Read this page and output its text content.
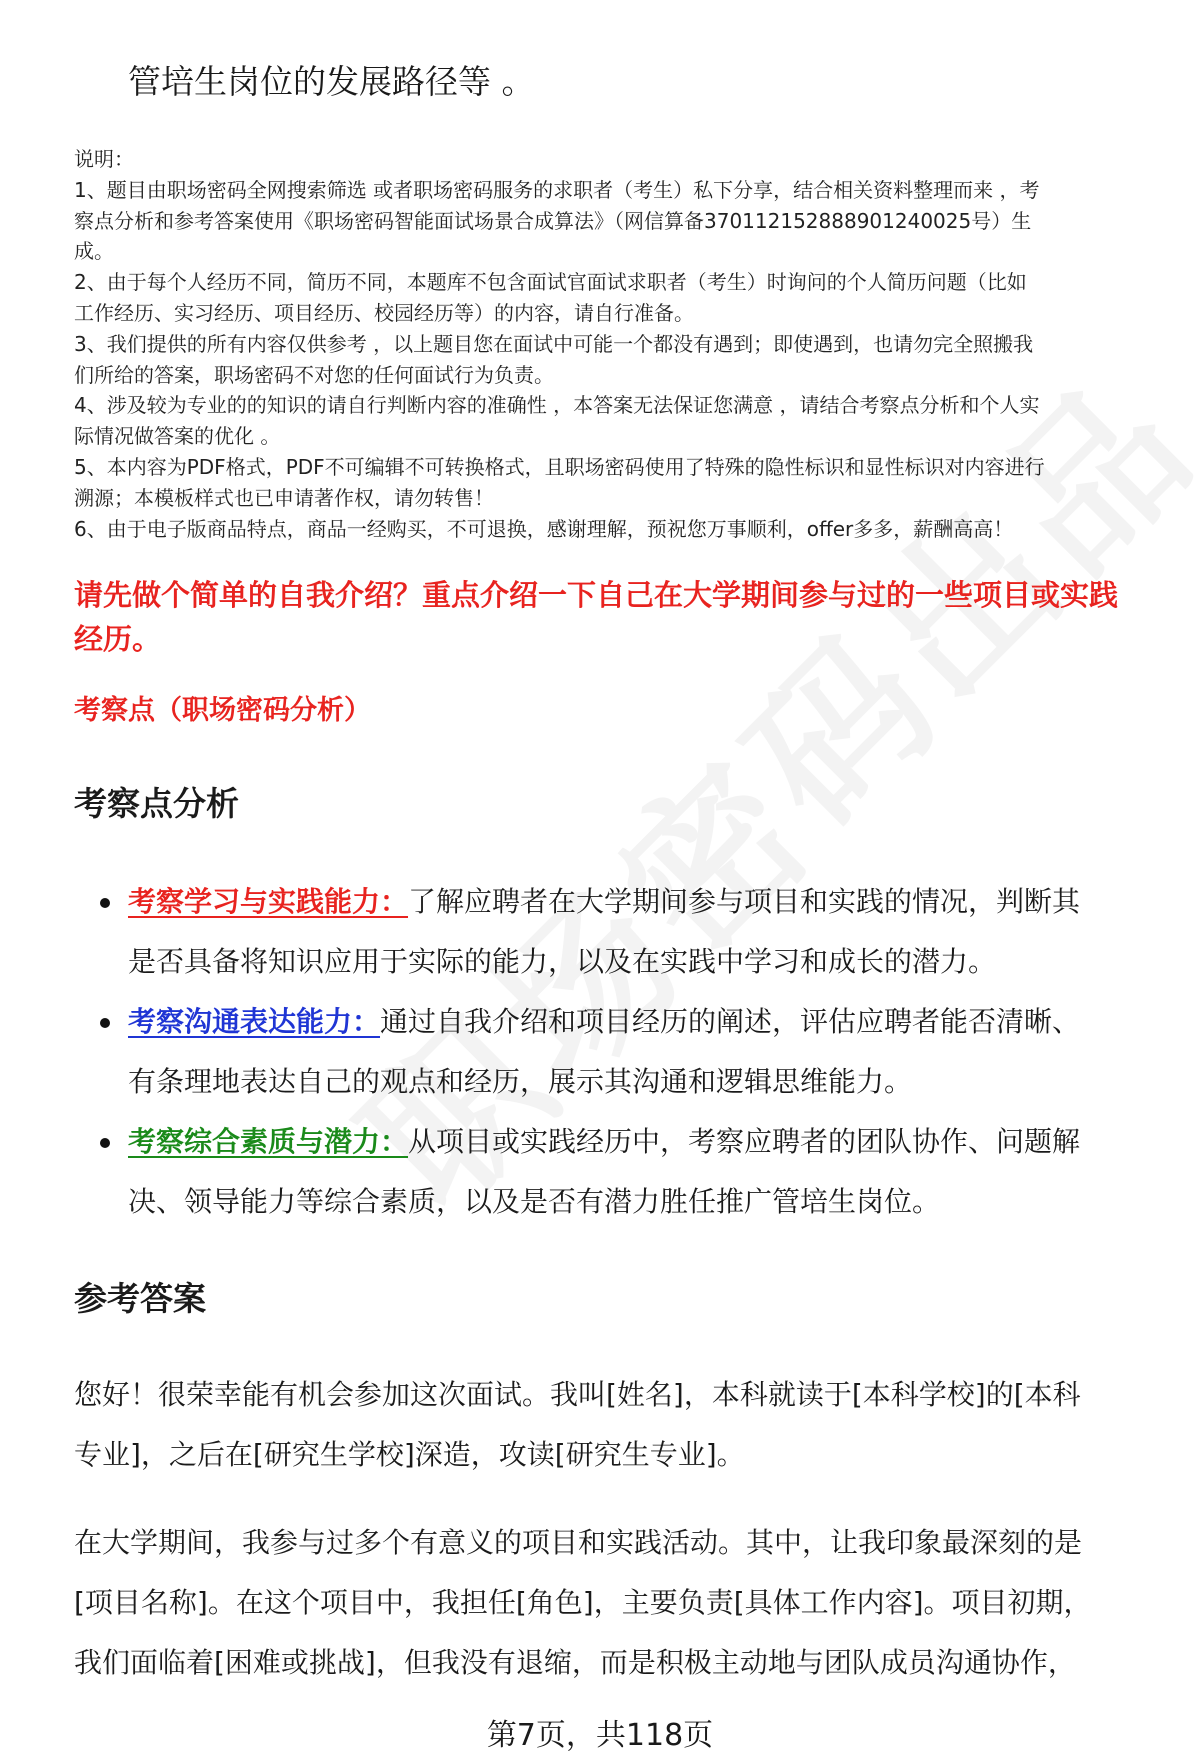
管培生岗位的发展路径等 。
说明：
1、题目由职场密码全网搜索筛选 或者职场密码服务的求职者（考生）私下分享，结合相关资料整理而来 ，考
察点分析和参考答案使用《职场密码智能面试场景合成算法》（网信算备370112152888901240025号）生
成。
2、由于每个人经历不同，简历不同，本题库不包含面试官面试求职者（考生）时询问的个人简历问题（比如
工作经历、实习经历、项目经历、校园经历等）的内容，请自行准备。
3、我们提供的所有内容仅供参考 ，以上题目您在面试中可能一个都没有遇到；即使遇到，也请勿完全照搬我
们所给的答案，职场密码不对您的任何面试行为负责。
4、涉及较为专业的的知识的请自行判断内容的准确性 ，本答案无法保证您满意 ，请结合考察点分析和个人实
际情况做答案的优化 。
5、本内容为PDF格式，PDF不可编辑不可转换格式，且职场密码使用了特殊的隐性标识和显性标识对内容进行
溯源；本模板样式也已申请著作权，请勿转售！
6、由于电子版商品特点，商品一经购买，不可退换，感谢理解，预祝您万事顺利，offer多多，薪酬高高！
请先做个简单的自我介绍？重点介绍一下自己在大学期间参与过的一些项目或实践
经历。
考察点（职场密码分析）
考察点分析
考察学习与实践能力：了解应聘者在大学期间参与项目和实践的情况，判断其
是否具备将知识应用于实际的能力，以及在实践中学习和成长的潜力。
考察沟通表达能力：通过自我介绍和项目经历的阐述，评估应聘者能否清晰、
有条理地表达自己的观点和经历，展示其沟通和逻辑思维能力。
考察综合素质与潜力：从项目或实践经历中，考察应聘者的团队协作、问题解
决、领导能力等综合素质，以及是否有潜力胜任推广管培生岗位。
参考答案
您好！很荣幸能有机会参加这次面试。我叫[姓名]，本科就读于[本科学校]的[本科
专业]，之后在[研究生学校]深造，攻读[研究生专业]。
在大学期间，我参与过多个有意义的项目和实践活动。其中，让我印象最深刻的是
[项目名称]。在这个项目中，我担任[角色]，主要负责[具体工作内容]。项目初期，
我们面临着[困难或挑战]，但我没有退缩，而是积极主动地与团队成员沟通协作，
第7页，共118页
